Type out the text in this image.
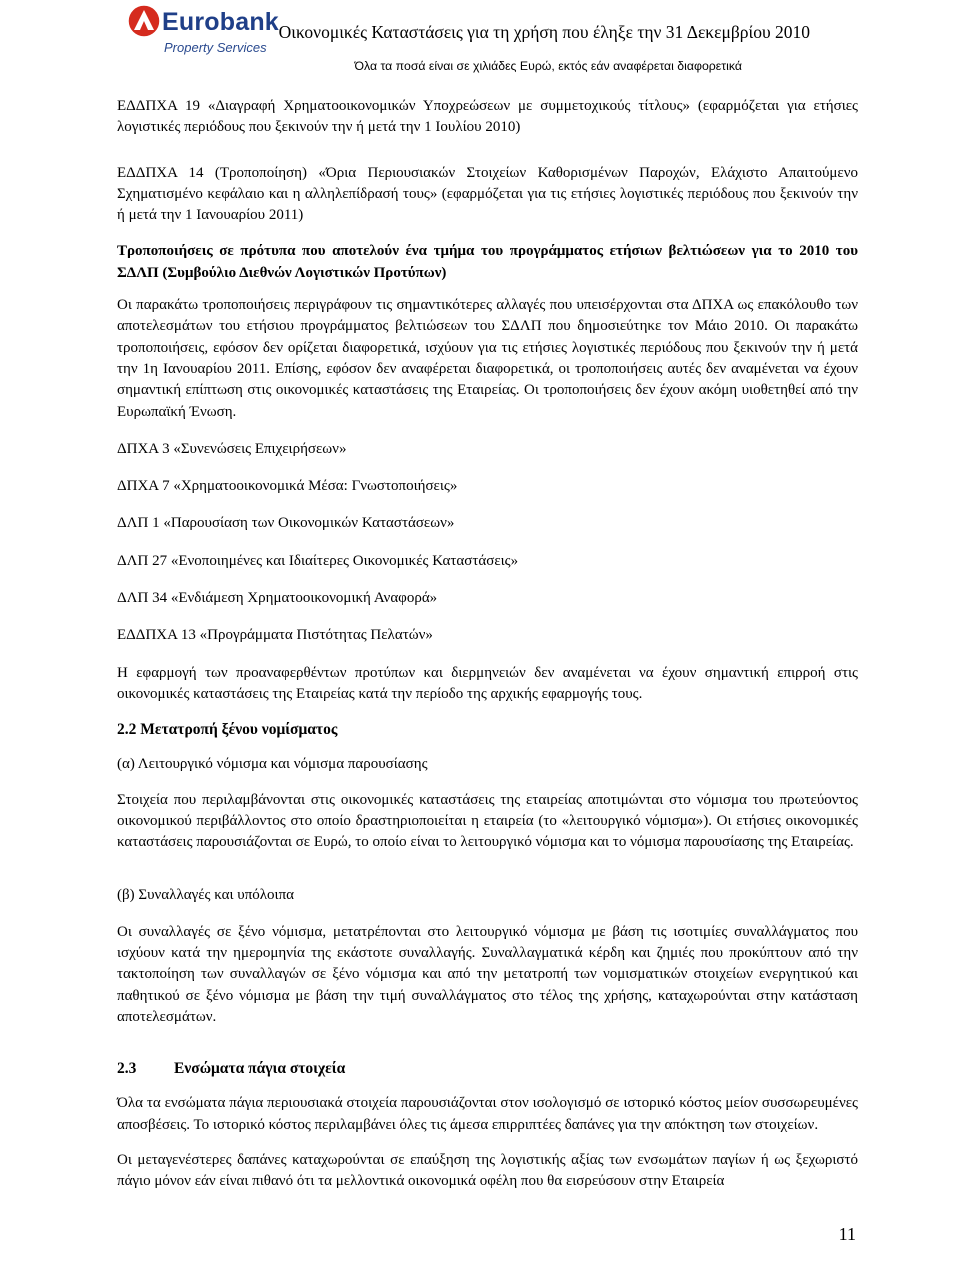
Eurobank
Property Services
Οικονομικές Καταστάσεις για τη χρήση που έληξε την 31 Δεκεμβρίου 2010
Όλα τα ποσά είναι σε χιλιάδες Ευρώ, εκτός εάν αναφέρεται διαφορετικά

ΕΔΔΠΧΑ 19 «Διαγραφή Χρηματοοικονομικών Υποχρεώσεων με συμμετοχικούς τίτλους» (εφαρμόζεται για ετήσιες λογιστικές περιόδους που ξεκινούν την ή μετά την 1 Ιουλίου 2010)

ΕΔΔΠΧΑ 14 (Τροποποίηση) «Όρια Περιουσιακών Στοιχείων Καθορισμένων Παροχών, Ελάχιστο Απαιτούμενο Σχηματισμένο κεφάλαιο και η αλληλεπίδρασή τους» (εφαρμόζεται για τις ετήσιες λογιστικές περιόδους που ξεκινούν την ή μετά την 1 Ιανουαρίου 2011)

Τροποποιήσεις σε πρότυπα που αποτελούν ένα τμήμα του προγράμματος ετήσιων βελτιώσεων για το 2010 του ΣΔΛΠ (Συμβούλιο Διεθνών Λογιστικών Προτύπων)

Οι παρακάτω τροποποιήσεις περιγράφουν τις σημαντικότερες αλλαγές που υπεισέρχονται στα ΔΠΧΑ ως επακόλουθο των αποτελεσμάτων του ετήσιου προγράμματος βελτιώσεων του ΣΔΛΠ που δημοσιεύτηκε τον Μάιο 2010. Οι παρακάτω τροποποιήσεις, εφόσον δεν ορίζεται διαφορετικά, ισχύουν για τις ετήσιες λογιστικές περιόδους που ξεκινούν την ή μετά την 1η Ιανουαρίου 2011. Επίσης, εφόσον δεν αναφέρεται διαφορετικά, οι τροποποιήσεις αυτές δεν αναμένεται να έχουν σημαντική επίπτωση στις οικονομικές καταστάσεις της Εταιρείας. Οι τροποποιήσεις δεν έχουν ακόμη υιοθετηθεί από την Ευρωπαϊκή Ένωση.

ΔΠΧΑ 3 «Συνενώσεις Επιχειρήσεων»

ΔΠΧΑ 7 «Χρηματοοικονομικά Μέσα: Γνωστοποιήσεις»

ΔΛΠ 1 «Παρουσίαση των Οικονομικών Καταστάσεων»

ΔΛΠ 27 «Ενοποιημένες και Ιδιαίτερες Οικονομικές Καταστάσεις»

ΔΛΠ 34 «Ενδιάμεση Χρηματοοικονομική Αναφορά»

ΕΔΔΠΧΑ 13 «Προγράμματα Πιστότητας Πελατών»

Η εφαρμογή των προαναφερθέντων προτύπων και διερμηνειών δεν αναμένεται να έχουν σημαντική επιρροή στις οικονομικές καταστάσεις της Εταιρείας κατά την περίοδο της αρχικής εφαρμογής τους.

2.2 Μετατροπή ξένου νομίσματος

(α) Λειτουργικό νόμισμα και νόμισμα παρουσίασης

Στοιχεία που περιλαμβάνονται στις οικονομικές καταστάσεις της εταιρείας αποτιμώνται στο νόμισμα του πρωτεύοντος οικονομικού περιβάλλοντος στο οποίο δραστηριοποιείται η εταιρεία (το «λειτουργικό νόμισμα»). Οι ετήσιες οικονομικές καταστάσεις παρουσιάζονται σε Ευρώ, το οποίο είναι το λειτουργικό νόμισμα και το νόμισμα παρουσίασης της Εταιρείας.

(β) Συναλλαγές και υπόλοιπα

Οι συναλλαγές σε ξένο νόμισμα, μετατρέπονται στο λειτουργικό νόμισμα με βάση τις ισοτιμίες συναλλάγματος που ισχύουν κατά την ημερομηνία της εκάστοτε συναλλαγής. Συναλλαγματικά κέρδη και ζημιές που προκύπτουν από την τακτοποίηση των συναλλαγών σε ξένο νόμισμα και από την μετατροπή των νομισματικών στοιχείων ενεργητικού και παθητικού σε ξένο νόμισμα με βάση την τιμή συναλλάγματος στο τέλος της χρήσης, καταχωρούνται στην κατάσταση αποτελεσμάτων.

2.3 Ενσώματα πάγια στοιχεία

Όλα τα ενσώματα πάγια περιουσιακά στοιχεία παρουσιάζονται στον ισολογισμό σε ιστορικό κόστος μείον συσσωρευμένες αποσβέσεις. Το ιστορικό κόστος περιλαμβάνει όλες τις άμεσα επιρριπτέες δαπάνες για την απόκτηση των στοιχείων.

Οι μεταγενέστερες δαπάνες καταχωρούνται σε επαύξηση της λογιστικής αξίας των ενσωμάτων παγίων ή ως ξεχωριστό πάγιο μόνον εάν είναι πιθανό ότι τα μελλοντικά οικονομικά οφέλη που θα εισρεύσουν στην Εταιρεία

11
